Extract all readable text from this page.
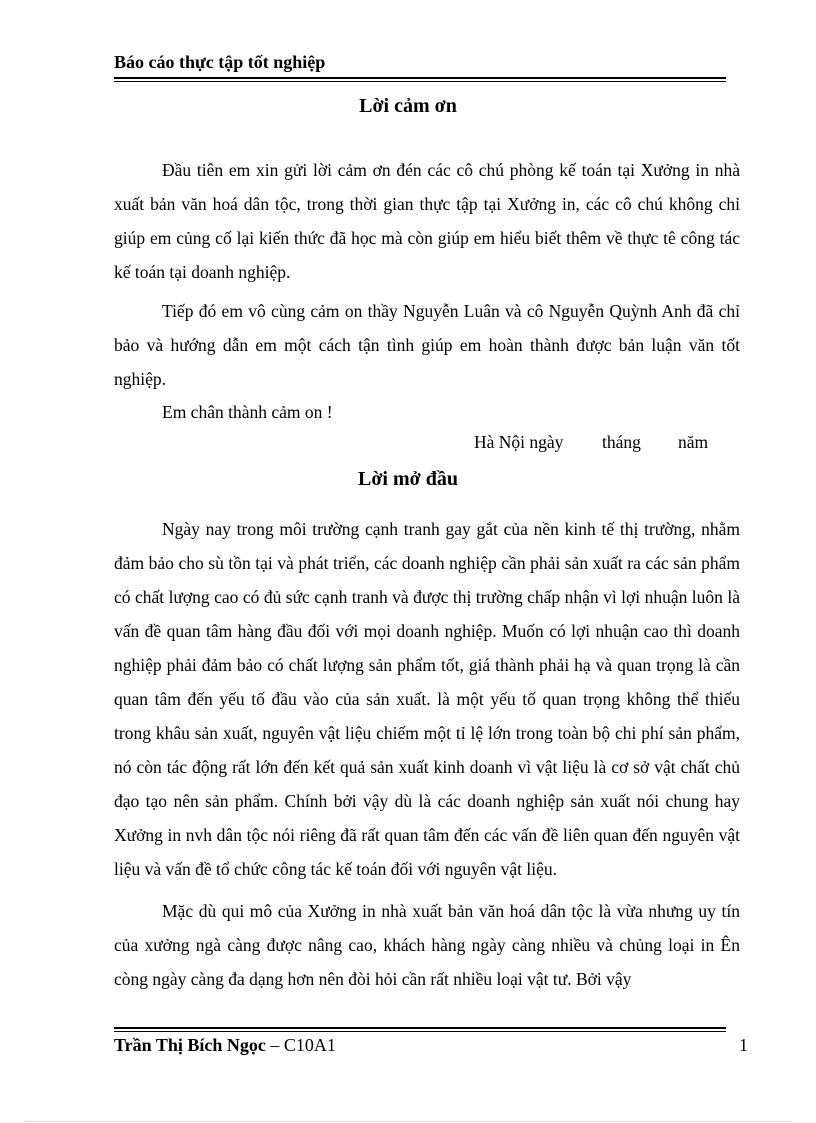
Báo cáo thực tập tốt nghiệp
Lời cảm ơn

Đầu tiên em xin gửi lời cảm ơn đén các cô chú phòng kế toán tại Xưởng in nhà xuất bản văn hoá dân tộc, trong thời gian thực tập tại Xưởng in, các cô chú không chỉ giúp em củng cố lại kiến thức đã học mà còn giúp em hiểu biết thêm về thực tê công tác kế toán tại doanh nghiệp.

Tiếp đó em vô cùng cảm on thầy Nguyễn Luân và cô Nguyễn Quỳnh Anh đã chỉ bảo và hướng dẫn em một cách tận tình giúp em hoàn thành được bản luận văn tốt nghiệp.

Em chân thành cảm on !

Hà Nội ngày tháng năm
Lời mở đầu

Ngày nay trong môi trường cạnh tranh gay gắt của nền kinh tế thị trường, nhằm đảm bảo cho sù tồn tại và phát triển, các doanh nghiệp cần phải sản xuất ra các sản phẩm có chất lượng cao có đủ sức cạnh tranh và được thị trường chấp nhận vì lợi nhuận luôn là vấn đề quan tâm hàng đầu đối với mọi doanh nghiệp. Muốn có lợi nhuận cao thì doanh nghiệp phải đảm bảo có chất lượng sản phẩm tốt, giá thành phải hạ và quan trọng là cần quan tâm đến yếu tố đầu vào của sản xuất. là một yếu tố quan trọng không thể thiếu trong khâu sản xuất, nguyên vật liệu chiếm một tỉ lệ lớn trong toàn bộ chi phí sản phẩm, nó còn tác động rất lớn đến kết quả sản xuất kinh doanh vì vật liệu là cơ sở vật chất chủ đạo tạo nên sản phẩm. Chính bởi vậy dù là các doanh nghiệp sản xuất nói chung hay Xưởng in nvh dân tộc nói riêng đã rất quan tâm đến các vấn đề liên quan đến nguyên vật liệu và vấn đề tổ chức công tác kế toán đối với nguyên vật liệu.

Mặc dù qui mô của Xưởng in nhà xuất bản văn hoá dân tộc là vừa nhưng uy tín của xưởng ngà càng được nâng cao, khách hàng ngày càng nhiều và chủng loại in Ên còng ngày càng đa dạng hơn nên đòi hỏi cần rất nhiều loại vật tư. Bởi vậy

Trần Thị Bích Ngọc – C10A1	1
